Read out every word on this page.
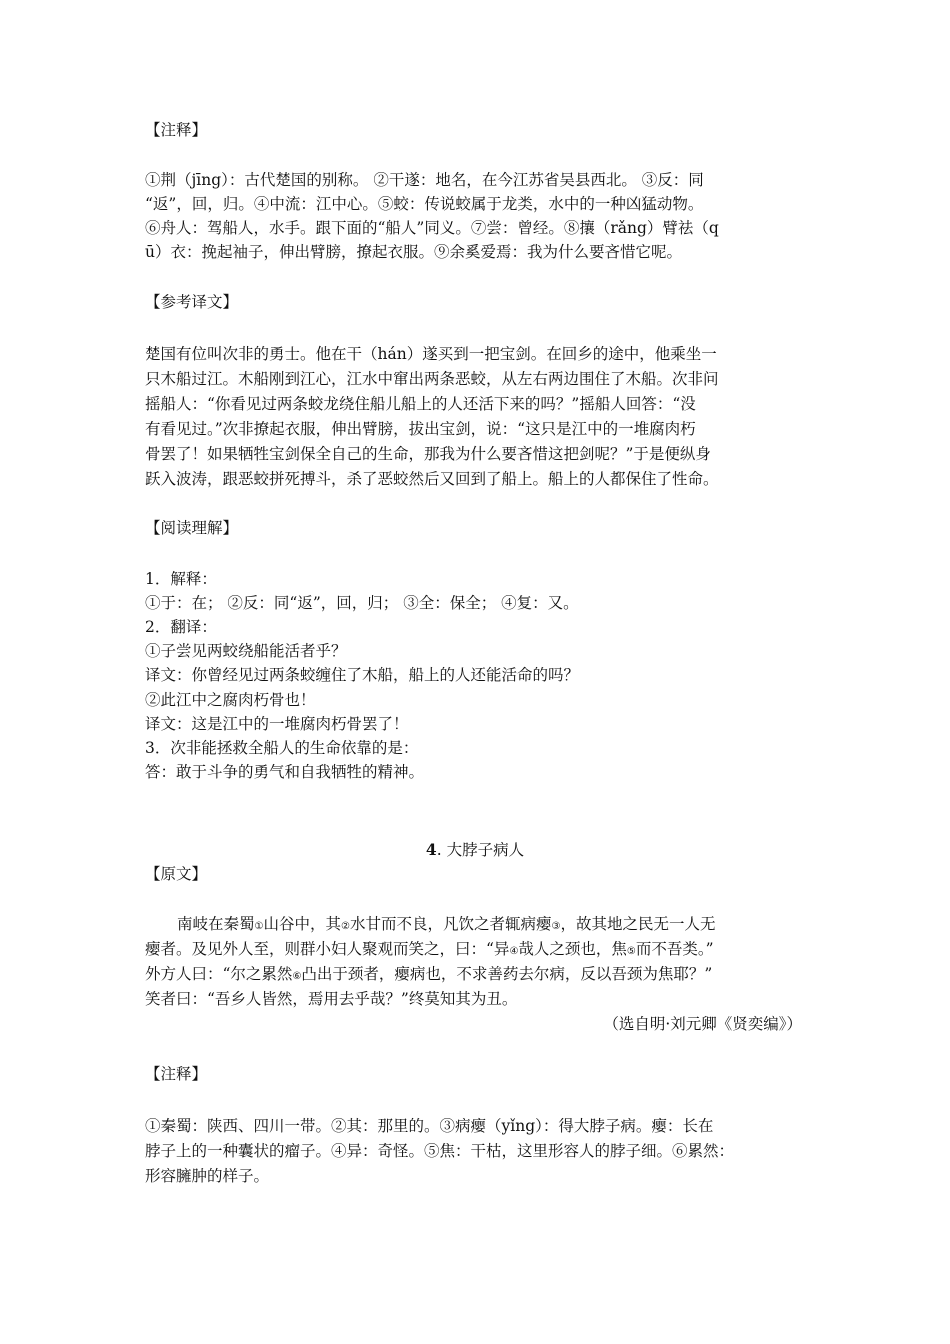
【注释】
①荆（jīng）：古代楚国的别称。 ②干遂：地名，在今江苏省吴县西北。 ③反：同
“返”，回，归。④中流：江中心。⑤蛟：传说蛟属于龙类，水中的一种凶猛动物。
⑥舟人：驾船人，水手。跟下面的“船人”同义。⑦尝：曾经。⑧攘（rǎng）臂祛（q
ū）衣：挽起袖子，伸出臂膀，撩起衣服。⑨余奚爱焉：我为什么要吝惜它呢。
【参考译文】
楚国有位叫次非的勇士。他在干（hán）遂买到一把宝剑。在回乡的途中，他乘坐一
只木船过江。木船刚到江心，江水中窜出两条恶蛟，从左右两边围住了木船。次非问
摇船人：“你看见过两条蛟龙绕住船儿船上的人还活下来的吗？”摇船人回答：“没
有看见过。”次非撩起衣服，伸出臂膀，拔出宝剑，说：“这只是江中的一堆腐肉朽
骨罢了！如果牺牲宝剑保全自己的生命，那我为什么要吝惜这把剑呢？”于是便纵身
跃入波涛，跟恶蛟拼死搏斗，杀了恶蛟然后又回到了船上。船上的人都保住了性命。
【阅读理解】
1．解释：
①于：在； ②反：同“返”，回，归； ③全：保全； ④复：又。
2．翻译：
①子尝见两蛟绕船能活者乎？
译文：你曾经见过两条蛟缠住了木船，船上的人还能活命的吗？
②此江中之腐肉朽骨也！
译文：这是江中的一堆腐肉朽骨罢了！
3．次非能拯救全船人的生命依靠的是：
答：敢于斗争的勇气和自我牺牲的精神。
4. 大脖子病人
【原文】
南岐在秦蜀①山谷中，其②水甘而不良，凡饮之者辄病瘿③，故其地之民无一人无
瘿者。及见外人至，则群小妇人聚观而笑之，曰：“异④哉人之颈也，焦⑤而不吾类。”
外方人曰：“尔之累然⑥凸出于颈者，瘿病也，不求善药去尔病，反以吾颈为焦耶？”
笑者曰：“吾乡人皆然，焉用去乎哉？”终莫知其为丑。
（选自明·刘元卿《贤奕编》）
【注释】
①秦蜀：陕西、四川一带。②其：那里的。③病瘿（yǐng）：得大脖子病。瘿：长在
脖子上的一种囊状的瘤子。④异：奇怪。⑤焦：干枯，这里形容人的脖子细。⑥累然：
形容臃肿的样子。
